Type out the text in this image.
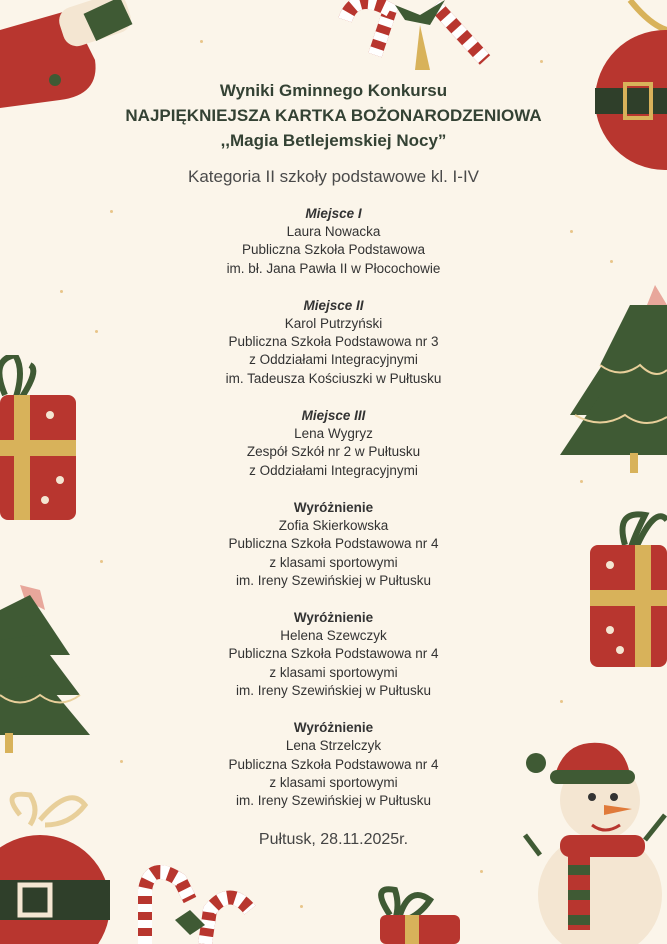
Wyniki Gminnego Konkursu
NAJPIĘKNIEJSZA KARTKA BOŻONARODZENIOWA
,,Magia Betlejemskiej Nocy”
Kategoria II szkoły podstawowe kl. I-IV
Miejsce I
Laura Nowacka
Publiczna Szkoła Podstawowa
im. bł. Jana Pawła II w Płocochowie
Miejsce II
Karol Putrzyński
Publiczna Szkoła Podstawowa nr 3
z Oddziałami Integracyjnymi
im. Tadeusza Kościuszki w Pułtusku
Miejsce III
Lena Wygryz
Zespół Szkół nr 2 w Pułtusku
z Oddziałami Integracyjnymi
Wyróżnienie
Zofia Skierkowska
Publiczna Szkoła Podstawowa nr 4
z klasami sportowymi
im. Ireny Szewińskiej w Pułtusku
Wyróżnienie
Helena Szewczyk
Publiczna Szkoła Podstawowa nr 4
z klasami sportowymi
im. Ireny Szewińskiej w Pułtusku
Wyróżnienie
Lena Strzelczyk
Publiczna Szkoła Podstawowa nr 4
z klasami sportowymi
im. Ireny Szewińskiej w Pułtusku
Pułtusk, 28.11.2025r.
